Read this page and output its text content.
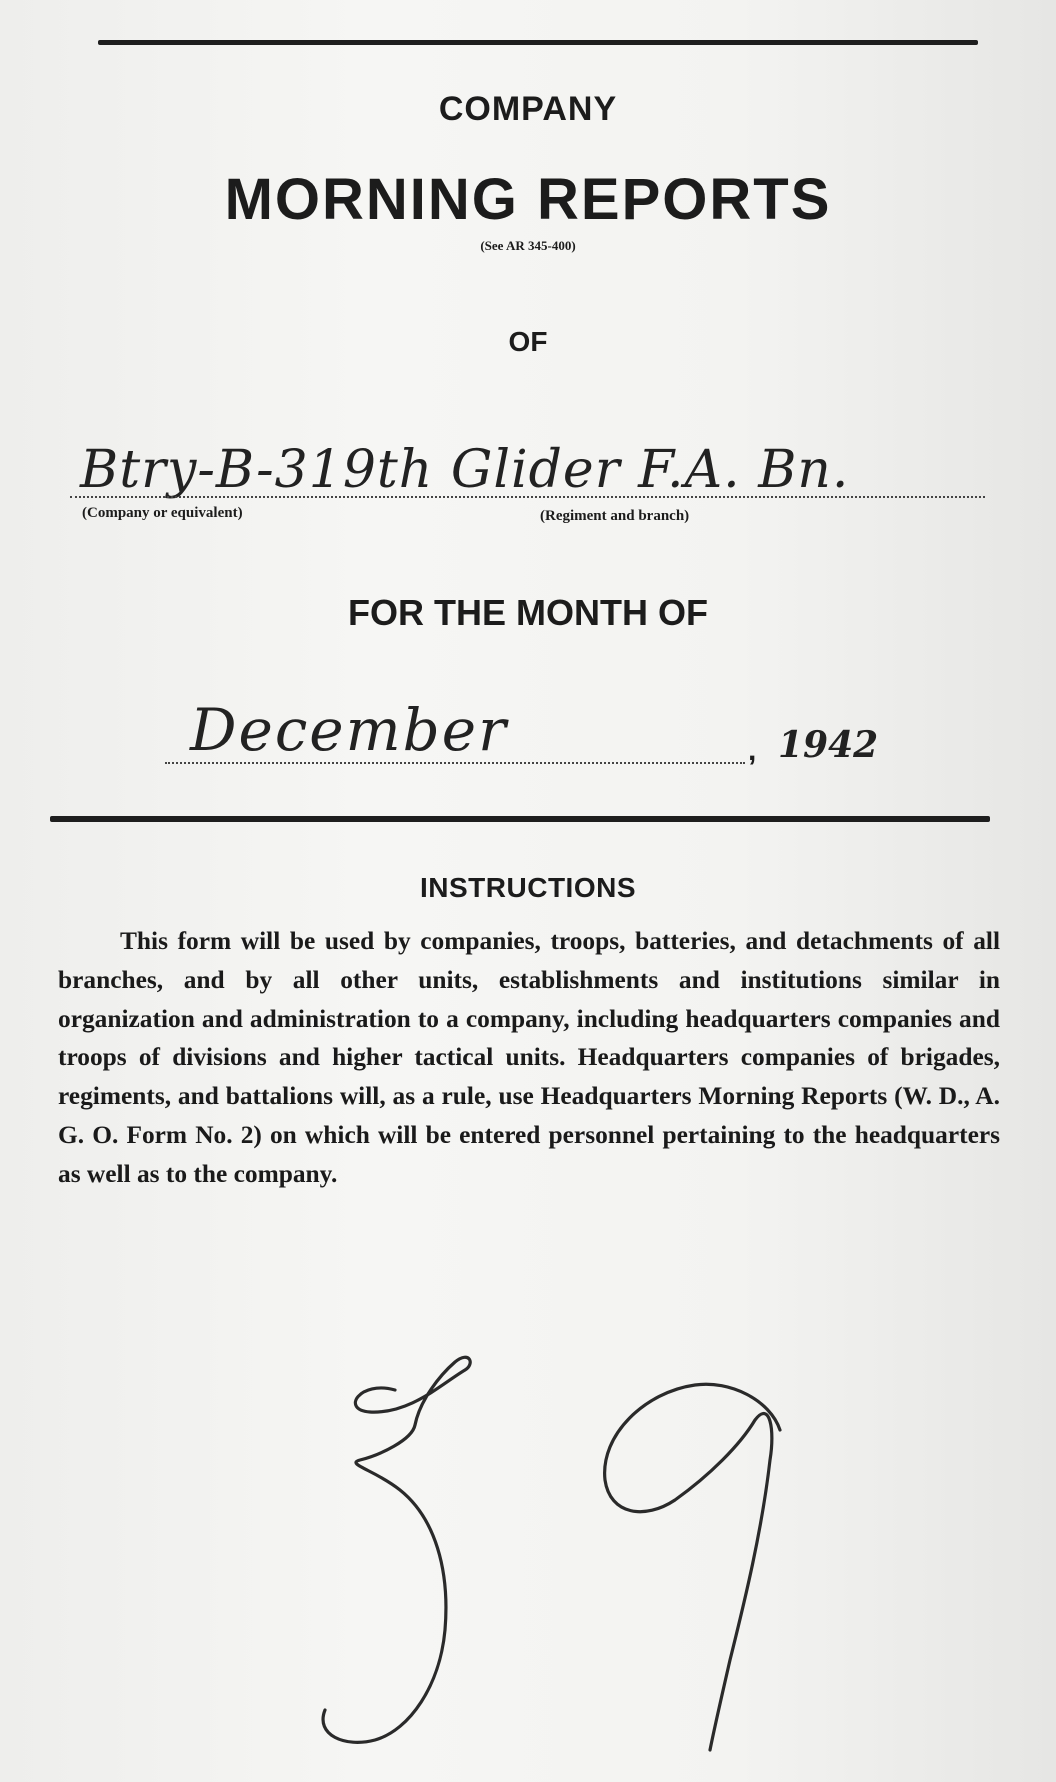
COMPANY
MORNING REPORTS
(See AR 345-400)
OF
Btry-B-319th Glider F.A. Bn.
(Company or equivalent)	(Regiment and branch)
FOR THE MONTH OF
December	, 1942
INSTRUCTIONS
This form will be used by companies, troops, batteries, and detachments of all branches, and by all other units, establishments and institutions similar in organization and administration to a company, including headquarters companies and troops of divisions and higher tactical units. Headquarters companies of brigades, regiments, and battalions will, as a rule, use Headquarters Morning Reports (W. D., A. G. O. Form No. 2) on which will be entered personnel pertaining to the headquarters as well as to the company.
